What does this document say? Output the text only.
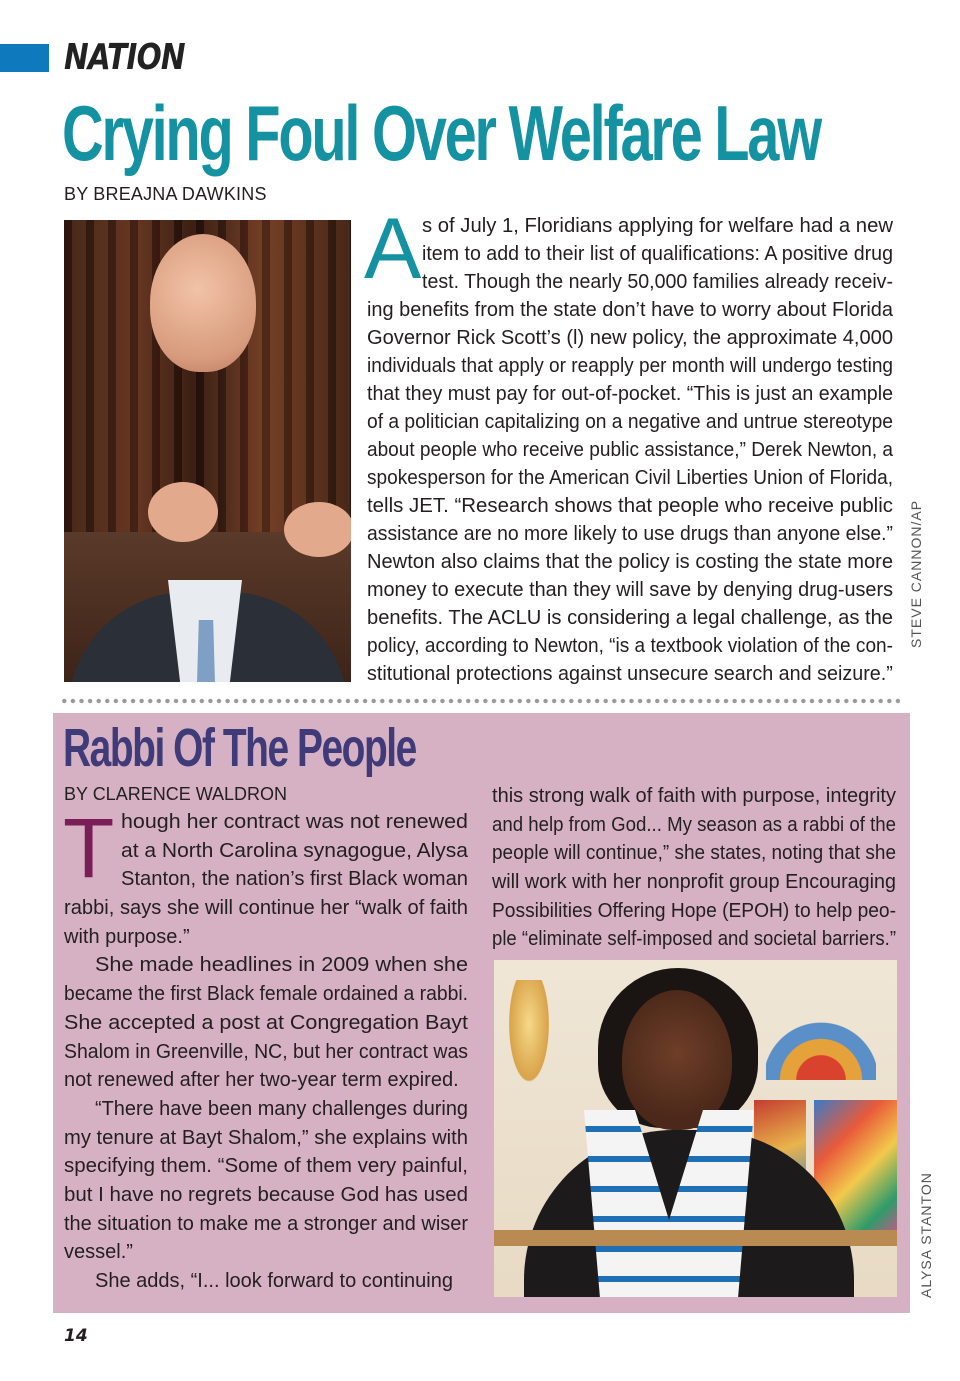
NATION
Crying Foul Over Welfare Law
BY BREAJNA DAWKINS
A s of July 1, Floridians applying for welfare had a new
item to add to their list of qualifications: A positive drug
test. Though the nearly 50,000 families already receiv-
ing benefits from the state don’t have to worry about Florida
Governor Rick Scott’s (l) new policy, the approximate 4,000
individuals that apply or reapply per month will undergo testing
that they must pay for out-of-pocket. “This is just an example
of a politician capitalizing on a negative and untrue stereotype
about people who receive public assistance,” Derek Newton, a
spokesperson for the American Civil Liberties Union of Florida,
tells JET. “Research shows that people who receive public
assistance are no more likely to use drugs than anyone else.”
Newton also claims that the policy is costing the state more
money to execute than they will save by denying drug-users
benefits. The ACLU is considering a legal challenge, as the
policy, according to Newton, “is a textbook violation of the con-
stitutional protections against unsecure search and seizure.”
STEVE CANNON/AP
Rabbi Of The People
BY CLARENCE WALDRON
T hough her contract was not renewed
at a North Carolina synagogue, Alysa
Stanton, the nation’s first Black woman
rabbi, says she will continue her “walk of faith
with purpose.”
She made headlines in 2009 when she
became the first Black female ordained a rabbi.
She accepted a post at Congregation Bayt
Shalom in Greenville, NC, but her contract was
not renewed after her two-year term expired.
“There have been many challenges during
my tenure at Bayt Shalom,” she explains with
specifying them. “Some of them very painful,
but I have no regrets because God has used
the situation to make me a stronger and wiser
vessel.”
She adds, “I... look forward to continuing
this strong walk of faith with purpose, integrity
and help from God... My season as a rabbi of the
people will continue,” she states, noting that she
will work with her nonprofit group Encouraging
Possibilities Offering Hope (EPOH) to help peo-
ple “eliminate self-imposed and societal barriers.”
ALYSA STANTON
14
